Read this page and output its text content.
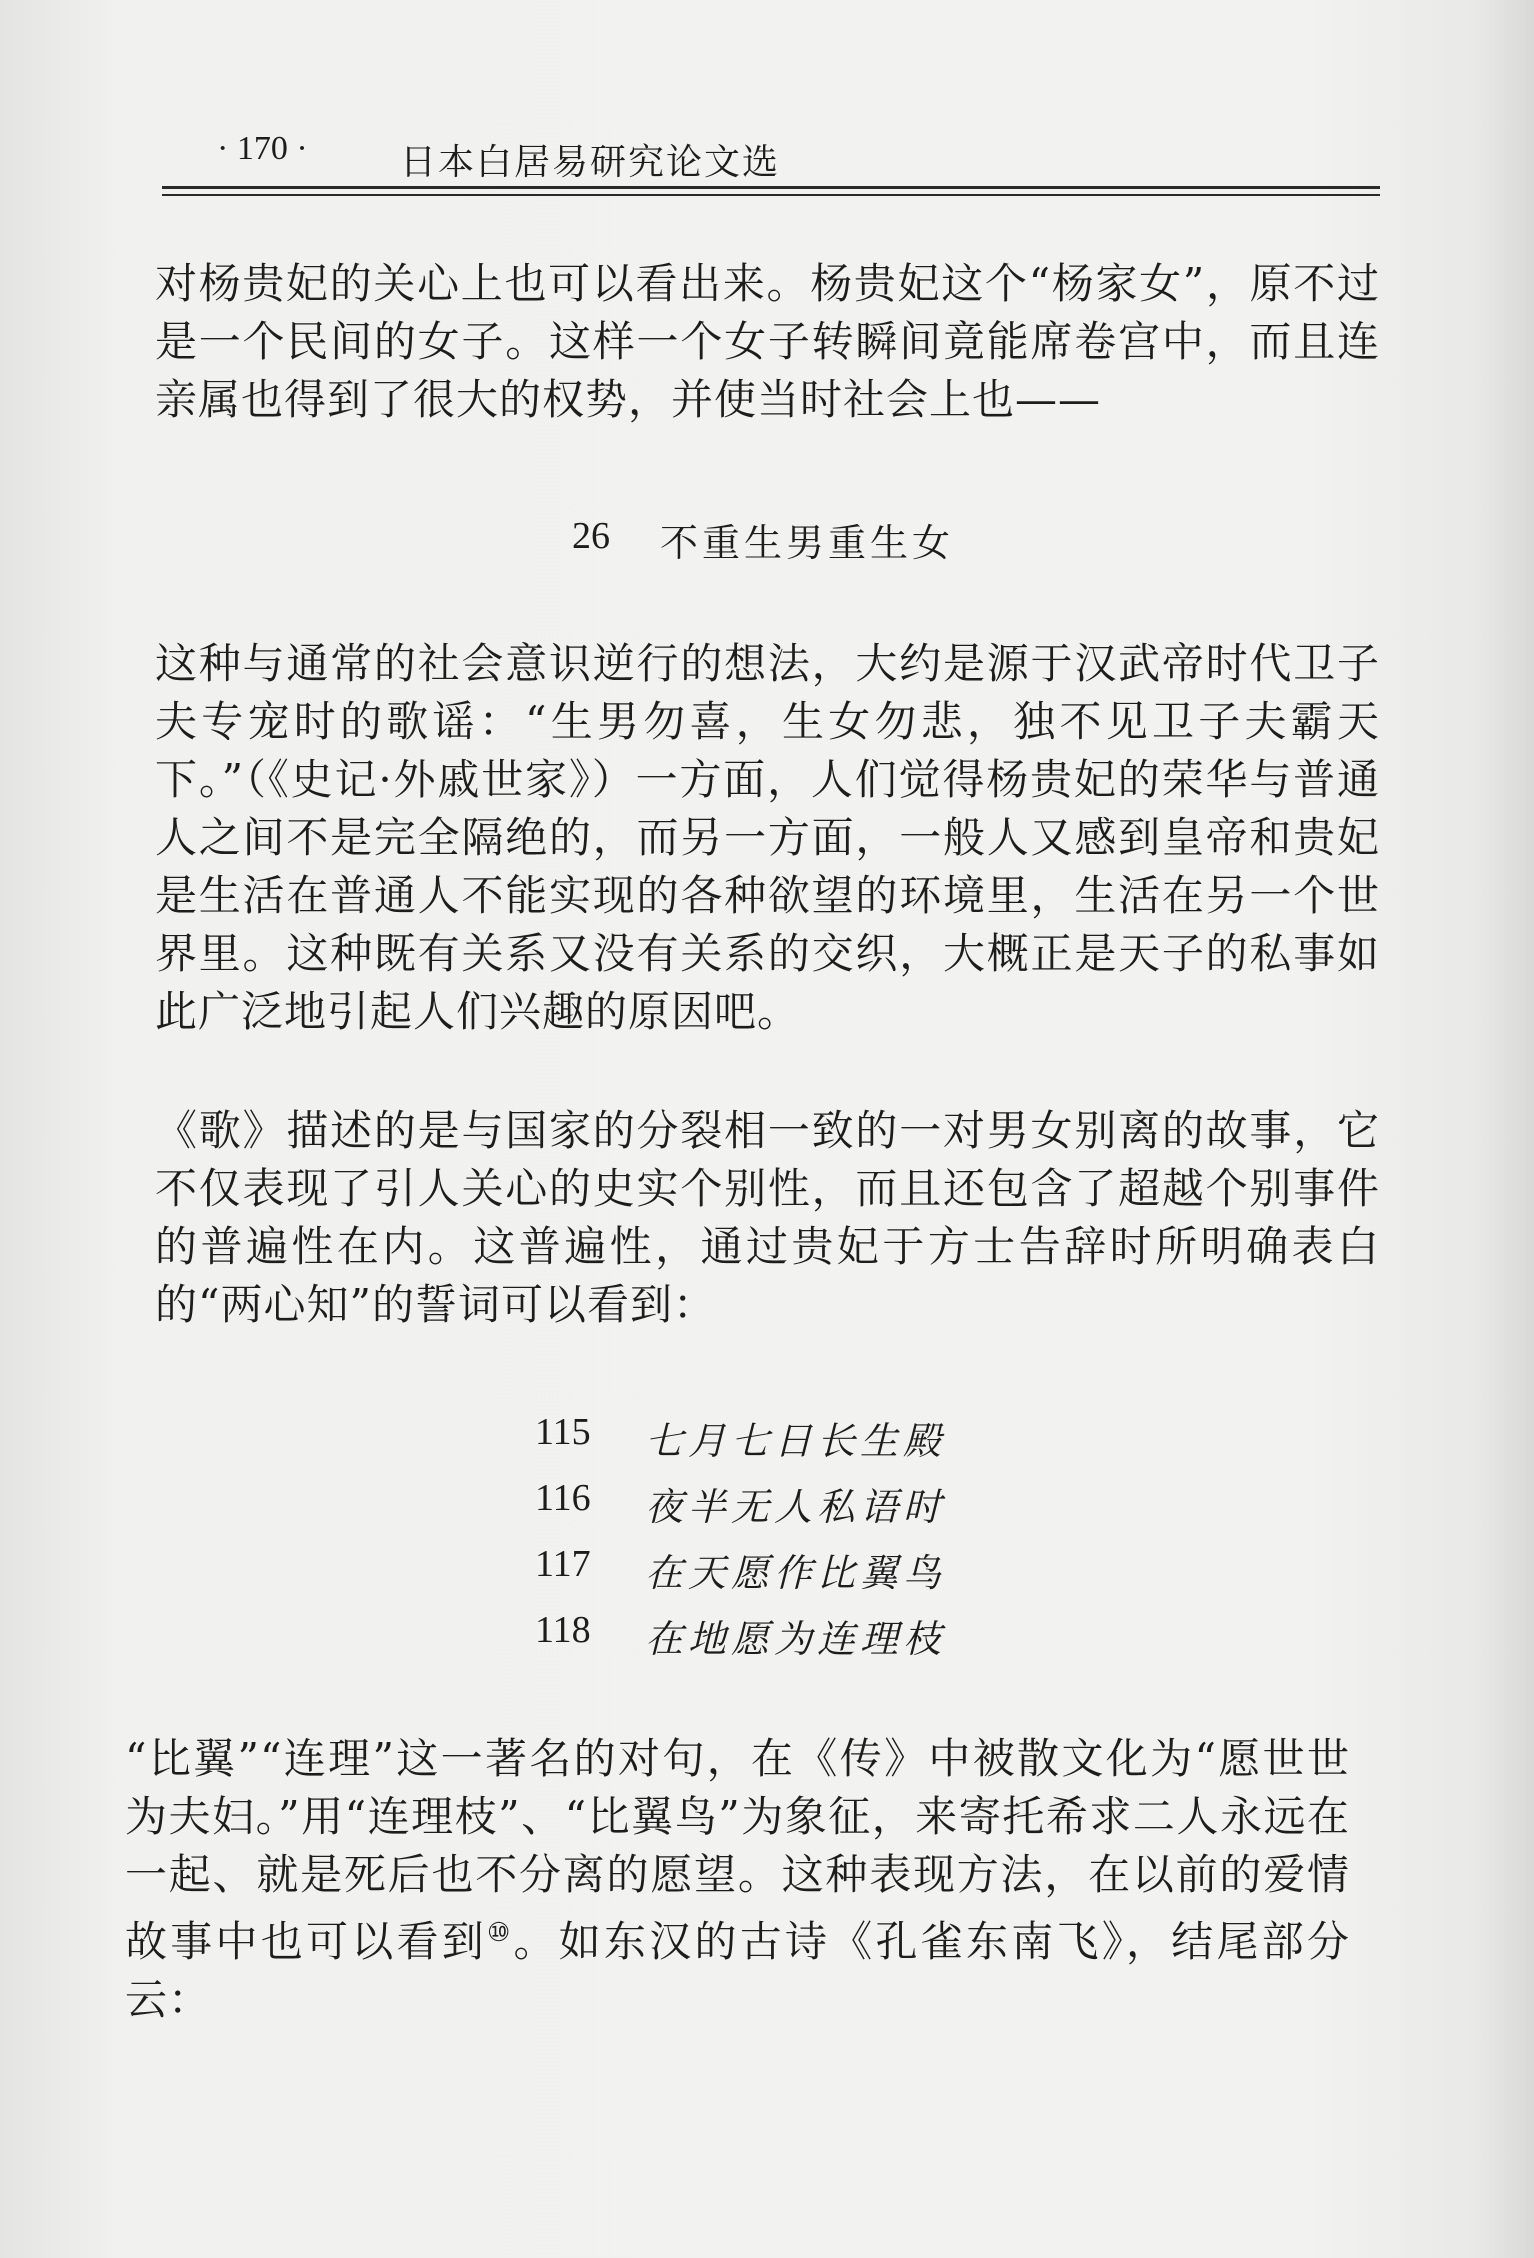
· 170 ·	日本白居易研究论文选

对杨贵妃的关心上也可以看出来。杨贵妃这个“杨家女”，原不过是一个民间的女子。这样一个女子转瞬间竟能席卷宫中，而且连亲属也得到了很大的权势，并使当时社会上也——

26 不重生男重生女

这种与通常的社会意识逆行的想法，大约是源于汉武帝时代卫子夫专宠时的歌谣：“生男勿喜，生女勿悲，独不见卫子夫霸天下。”（《史记·外戚世家》）一方面，人们觉得杨贵妃的荣华与普通人之间不是完全隔绝的，而另一方面，一般人又感到皇帝和贵妃是生活在普通人不能实现的各种欲望的环境里，生活在另一个世界里。这种既有关系又没有关系的交织，大概正是天子的私事如此广泛地引起人们兴趣的原因吧。

《歌》描述的是与国家的分裂相一致的一对男女别离的故事，它不仅表现了引人关心的史实个别性，而且还包含了超越个别事件的普遍性在内。这普遍性，通过贵妃于方士告辞时所明确表白的“两心知”的誓词可以看到：

115 七月七日长生殿
116 夜半无人私语时
117 在天愿作比翼鸟
118 在地愿为连理枝

“比翼”“连理”这一著名的对句，在《传》中被散文化为“愿世世为夫妇。”用“连理枝”、“比翼鸟”为象征，来寄托希求二人永远在一起、就是死后也不分离的愿望。这种表现方法，在以前的爱情故事中也可以看到⑩。如东汉的古诗《孔雀东南飞》，结尾部分云：
